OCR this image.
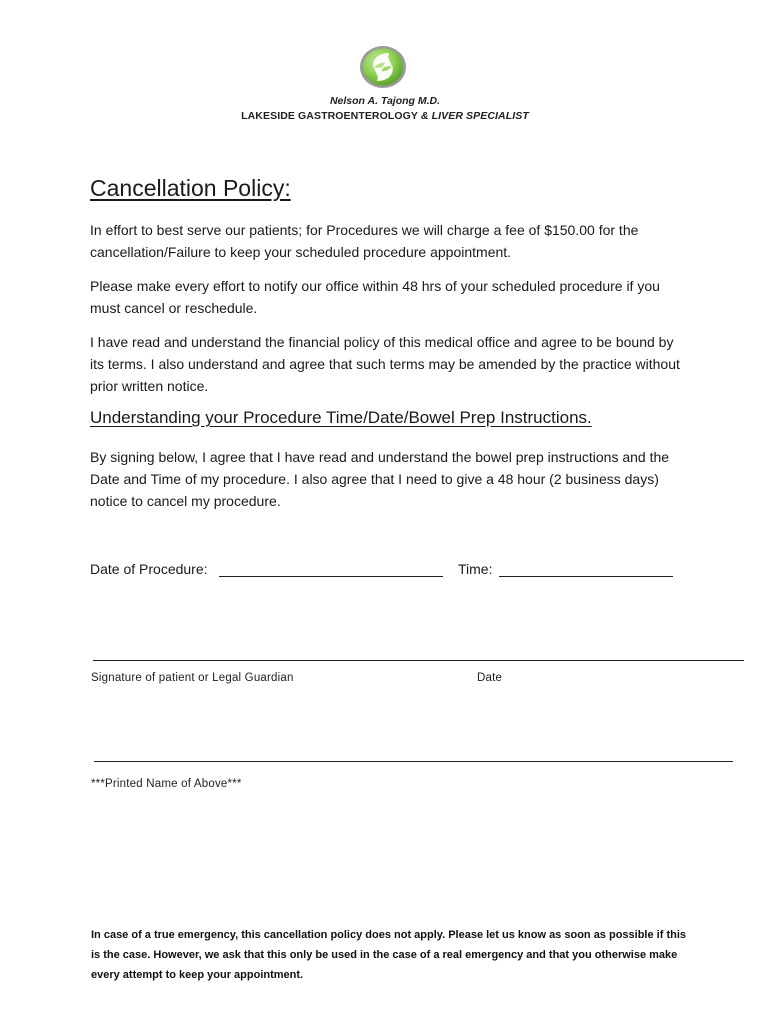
Nelson A. Tajong M.D.
LAKESIDE GASTROENTEROLOGY & LIVER SPECIALIST
Cancellation Policy:

In effort to best serve our patients; for Procedures we will charge a fee of $150.00 for the cancellation/Failure to keep your scheduled procedure appointment.

Please make every effort to notify our office within 48 hrs of your scheduled procedure if you must cancel or reschedule.

I have read and understand the financial policy of this medical office and agree to be bound by its terms. I also understand and agree that such terms may be amended by the practice without prior written notice.

Understanding your Procedure Time/Date/Bowel Prep Instructions.

By signing below, I agree that I have read and understand the bowel prep instructions and the Date and Time of my procedure. I also agree that I need to give a 48 hour (2 business days) notice to cancel my procedure.

Date of Procedure:	Time:
Signature of patient or Legal Guardian	Date
***Printed Name of Above***

In case of a true emergency, this cancellation policy does not apply. Please let us know as soon as possible if this is the case. However, we ask that this only be used in the case of a real emergency and that you otherwise make every attempt to keep your appointment.
